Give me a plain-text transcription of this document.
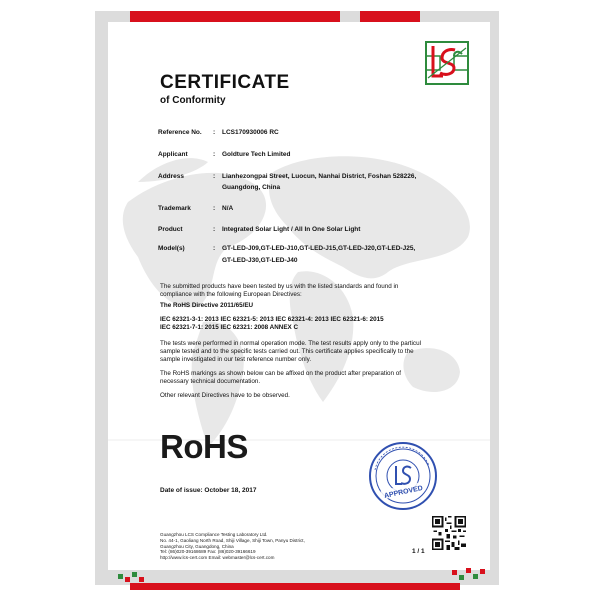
CERTIFICATE
of Conformity
Reference No. : LCS170930006 RC
Applicant	: Goldture Tech Limited
Address	: Lianhezongpai Street, Luocun, Nanhai District, Foshan 528226,
Guangdong, China
Trademark	: N/A
Product	: Integrated Solar Light / All In One Solar Light
Model(s)	: GT-LED-J09,GT-LED-J10,GT-LED-J15,GT-LED-J20,GT-LED-J25,
GT-LED-J30,GT-LED-J40
The submitted products have been tested by us with the listed standards and found in
compliance with the following European Directives:
The RoHS Directive 2011/65/EU
IEC 62321-3-1: 2013 IEC 62321-5: 2013 IEC 62321-4: 2013 IEC 62321-6: 2015
IEC 62321-7-1: 2015 IEC 62321: 2008 ANNEX C
The tests were performed in normal operation mode. The test results apply only to the particul
sample tested and to the specific tests carried out. This certificate applies specifically to the
sample investigated in our test reference number only.
The RoHS markings as shown below can be affixed on the product after preparation of
necessary technical documentation.
Other relevant Directives have to be observed.
RoHS
APPROVED
Date of issue: October 18, 2017
Guangzhou LCS Compliance Testing Laboratory Ltd.
No. 44-1, Gaoliang North Road, Shiji Village, Shiji Town, Panyu District,
Guangzhou City, Guangdong, China
Tel: (86)020-39168689 Fax: (86)020-39166619
http://www.lcs-cert.com Email: webmaster@lcs-cert.com
1 / 1
